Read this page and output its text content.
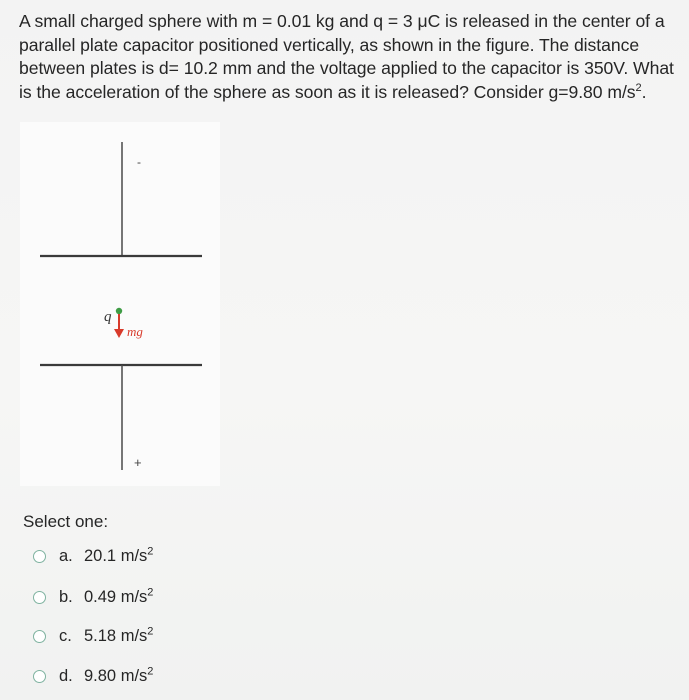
A small charged sphere with m = 0.01 kg and q = 3 μC is released in the center of a parallel plate capacitor positioned vertically, as shown in the figure. The distance between plates is d= 10.2 mm and the voltage applied to the capacitor is 350V. What is the acceleration of the sphere as soon as it is released? Consider g=9.80 $m/s^2$.
-
+
q
mg
Select one:
a. 20.1 $m/s^2$
b. 0.49 $m/s^2$
c. 5.18 $m/s^2$
d. 9.80 $m/s^2$
